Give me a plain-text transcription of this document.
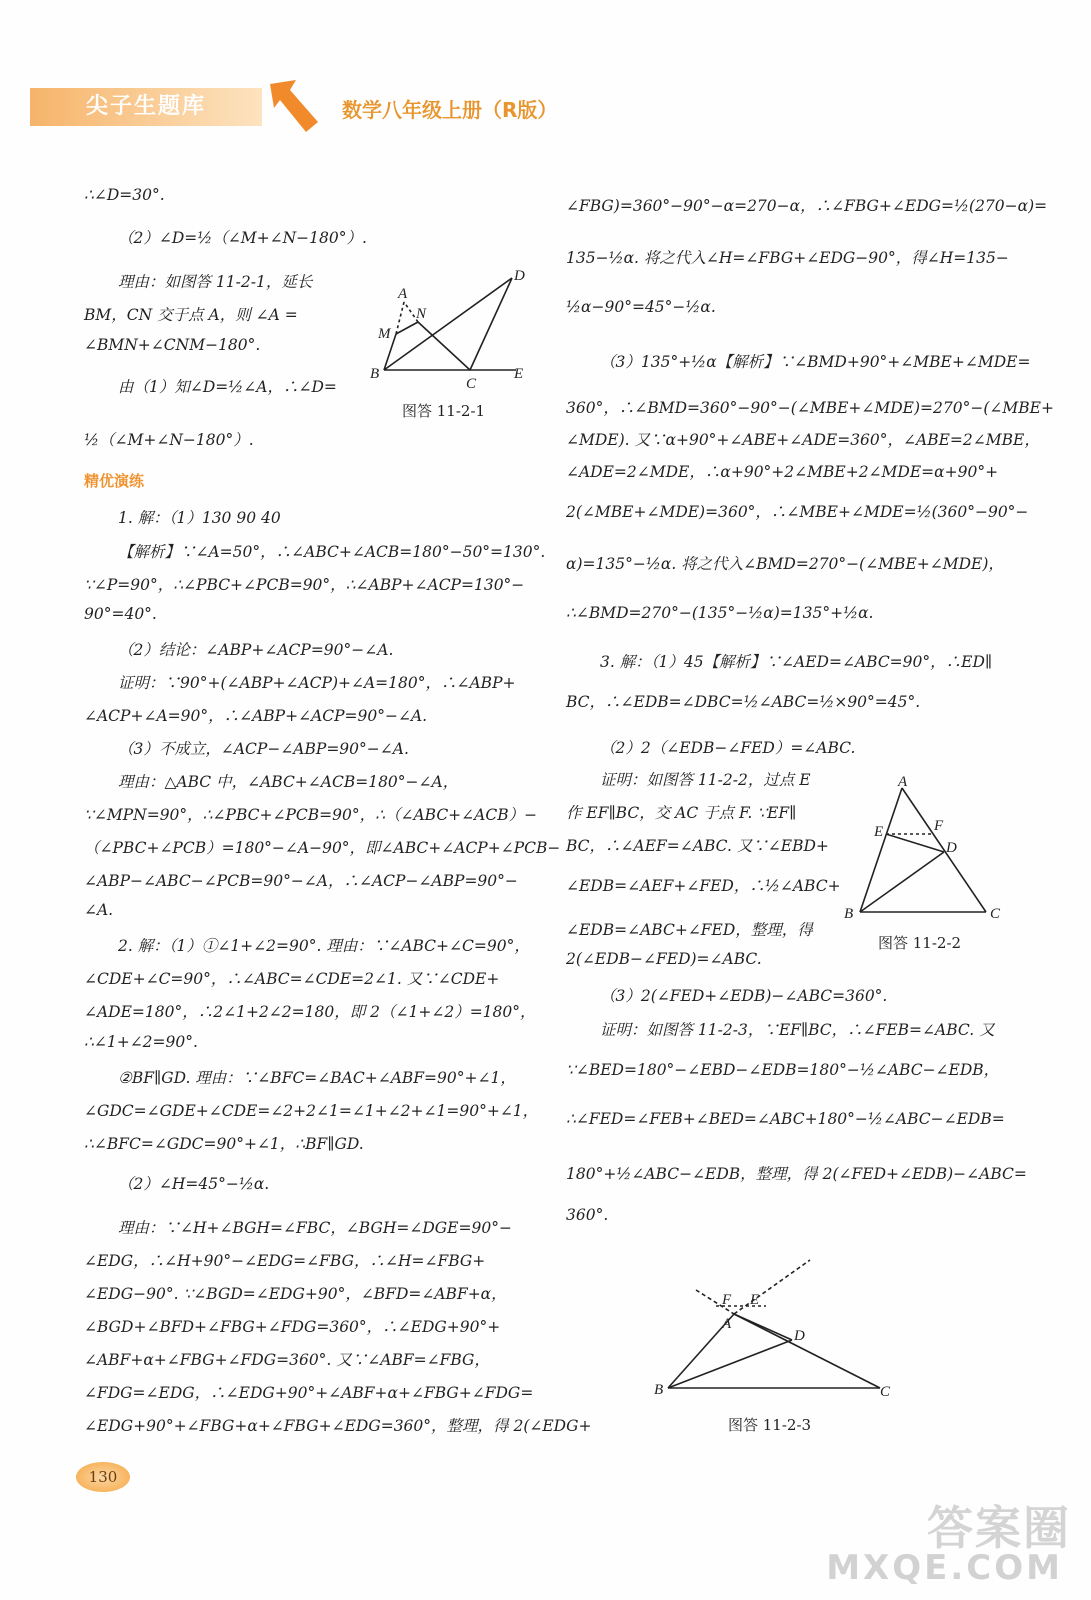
尖子生题库	数学八年级上册（R版）

∴∠D=30°.

（2）∠D=½（∠M+∠N−180°）.

理由：如图答 11-2-1，延长

BM，CN 交于点 A，则 ∠A =

∠BMN+∠CNM−180°.

由（1）知∠D=½∠A，∴∠D=

½（∠M+∠N−180°）.

精优演练

1. 解：（1）130 90 40

【解析】∵∠A=50°，∴∠ABC+∠ACB=180°−50°=130°.

∵∠P=90°，∴∠PBC+∠PCB=90°，∴∠ABP+∠ACP=130°−

90°=40°.

（2）结论：∠ABP+∠ACP=90°−∠A.

证明：∵90°+(∠ABP+∠ACP)+∠A=180°，∴∠ABP+

∠ACP+∠A=90°，∴∠ABP+∠ACP=90°−∠A.

（3）不成立，∠ACP−∠ABP=90°−∠A.

理由：△ABC 中，∠ABC+∠ACB=180°−∠A，

∵∠MPN=90°，∴∠PBC+∠PCB=90°，∴（∠ABC+∠ACB）−

（∠PBC+∠PCB）=180°−∠A−90°，即∠ABC+∠ACP+∠PCB−

∠ABP−∠ABC−∠PCB=90°−∠A，∴∠ACP−∠ABP=90°−

∠A.

2. 解：（1）①∠1+∠2=90°. 理由：∵∠ABC+∠C=90°，

∠CDE+∠C=90°，∴∠ABC=∠CDE=2∠1. 又∵∠CDE+

∠ADE=180°，∴2∠1+2∠2=180，即 2（∠1+∠2）=180°，

∴∠1+∠2=90°.

②BF∥GD. 理由：∵∠BFC=∠BAC+∠ABF=90°+∠1，

∠GDC=∠GDE+∠CDE=∠2+2∠1=∠1+∠2+∠1=90°+∠1，

∴∠BFC=∠GDC=90°+∠1，∴BF∥GD.

（2）∠H=45°−½α.

理由：∵∠H+∠BGH=∠FBC，∠BGH=∠DGE=90°−

∠EDG，∴∠H+90°−∠EDG=∠FBG，∴∠H=∠FBG+

∠EDG−90°. ∵∠BGD=∠EDG+90°，∠BFD=∠ABF+α，

∠BGD+∠BFD+∠FBG+∠FDG=360°，∴∠EDG+90°+

∠ABF+α+∠FBG+∠FDG=360°. 又∵∠ABF=∠FBG，

∠FDG=∠EDG，∴∠EDG+90°+∠ABF+α+∠FBG+∠FDG=

∠EDG+90°+∠FBG+α+∠FBG+∠EDG=360°，整理，得 2(∠EDG+

A
N
M
B
C
E
D
图答 11-2-1

∠FBG)=360°−90°−α=270−α，∴∠FBG+∠EDG=½(270−α)=

135−½α. 将之代入∠H=∠FBG+∠EDG−90°，得∠H=135−

½α−90°=45°−½α.

（3）135°+½α【解析】∵∠BMD+90°+∠MBE+∠MDE=

360°，∴∠BMD=360°−90°−(∠MBE+∠MDE)=270°−(∠MBE+

∠MDE). 又∵α+90°+∠ABE+∠ADE=360°，∠ABE=2∠MBE，

∠ADE=2∠MDE，∴α+90°+2∠MBE+2∠MDE=α+90°+

2(∠MBE+∠MDE)=360°，∴∠MBE+∠MDE=½(360°−90°−

α)=135°−½α. 将之代入∠BMD=270°−(∠MBE+∠MDE)，

∴∠BMD=270°−(135°−½α)=135°+½α.

3. 解：（1）45【解析】∵∠AED=∠ABC=90°，∴ED∥

BC，∴∠EDB=∠DBC=½∠ABC=½×90°=45°.

（2）2（∠EDB−∠FED）=∠ABC.

证明：如图答 11-2-2，过点 E

作 EF∥BC，交 AC 于点 F. ∵EF∥

BC，∴∠AEF=∠ABC. 又∵∠EBD+

∠EDB=∠AEF+∠FED，∴½∠ABC+

∠EDB=∠ABC+∠FED，整理，得

2(∠EDB−∠FED)=∠ABC.

（3）2(∠FED+∠EDB)−∠ABC=360°.

证明：如图答 11-2-3，∵EF∥BC，∴∠FEB=∠ABC. 又

∵∠BED=180°−∠EBD−∠EDB=180°−½∠ABC−∠EDB，

∴∠FED=∠FEB+∠BED=∠ABC+180°−½∠ABC−∠EDB=

180°+½∠ABC−∠EDB，整理，得 2(∠FED+∠EDB)−∠ABC=

360°.

A
E	F
D
B	C
图答 11-2-2
F E
A
D
B	C
图答 11-2-3
130
答案圈
MXQE.COM
